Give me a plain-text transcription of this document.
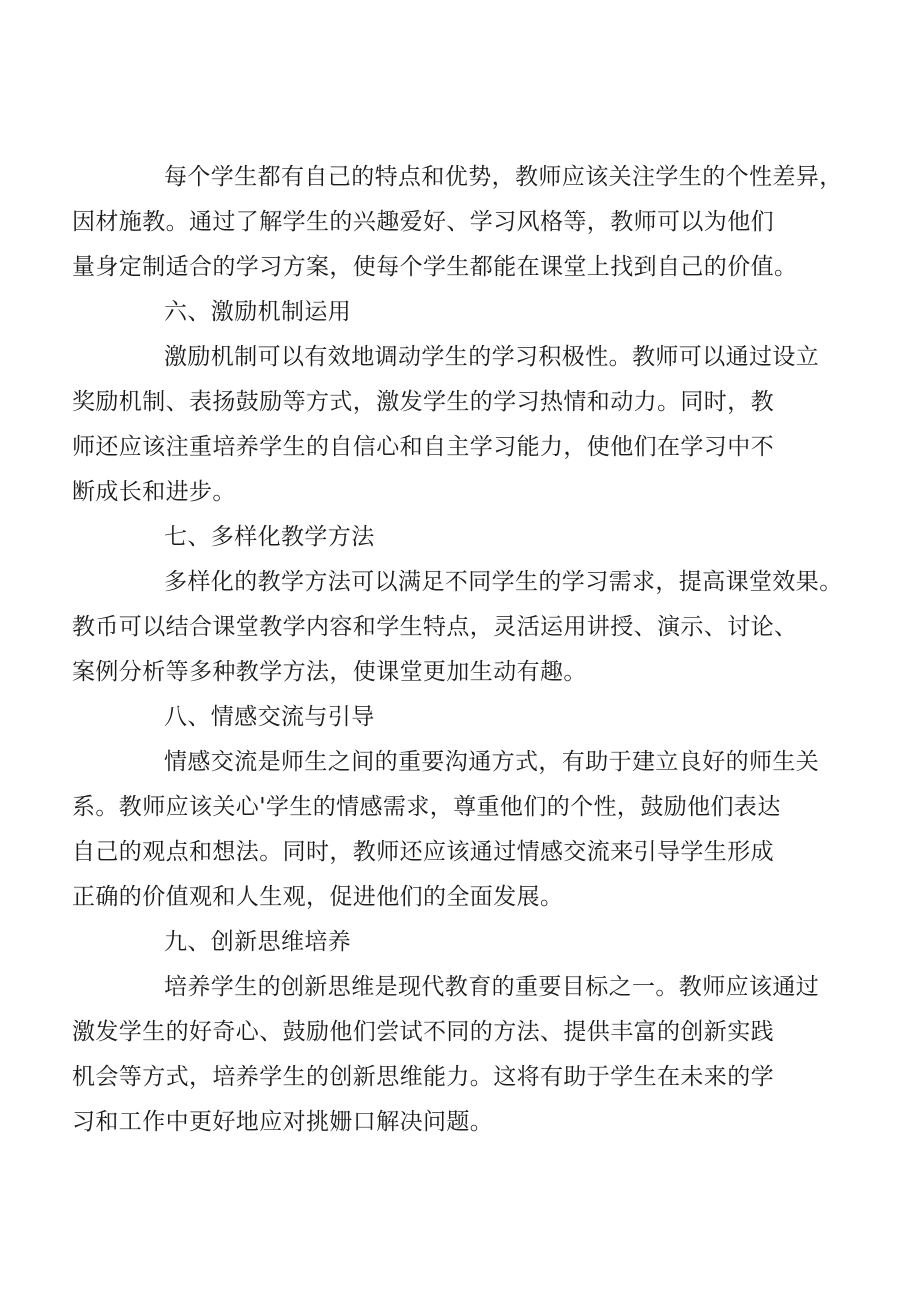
每个学生都有自己的特点和优势，教师应该关注学生的个性差异，
因材施教。通过了解学生的兴趣爱好、学习风格等，教师可以为他们
量身定制适合的学习方案，使每个学生都能在课堂上找到自己的价值。

六、激励机制运用

激励机制可以有效地调动学生的学习积极性。教师可以通过设立
奖励机制、表扬鼓励等方式，激发学生的学习热情和动力。同时，教
师还应该注重培养学生的自信心和自主学习能力，使他们在学习中不
断成长和进步。

七、多样化教学方法

多样化的教学方法可以满足不同学生的学习需求，提高课堂效果。
教币可以结合课堂教学内容和学生特点，灵活运用讲授、演示、讨论、
案例分析等多种教学方法，使课堂更加生动有趣。

八、情感交流与引导

情感交流是师生之间的重要沟通方式，有助于建立良好的师生关
系。教师应该关心'学生的情感需求，尊重他们的个性，鼓励他们表达
自己的观点和想法。同时，教师还应该通过情感交流来引导学生形成
正确的价值观和人生观，促进他们的全面发展。

九、创新思维培养

培养学生的创新思维是现代教育的重要目标之一。教师应该通过
激发学生的好奇心、鼓励他们尝试不同的方法、提供丰富的创新实践
机会等方式，培养学生的创新思维能力。这将有助于学生在未来的学
习和工作中更好地应对挑姗口解决问题。
